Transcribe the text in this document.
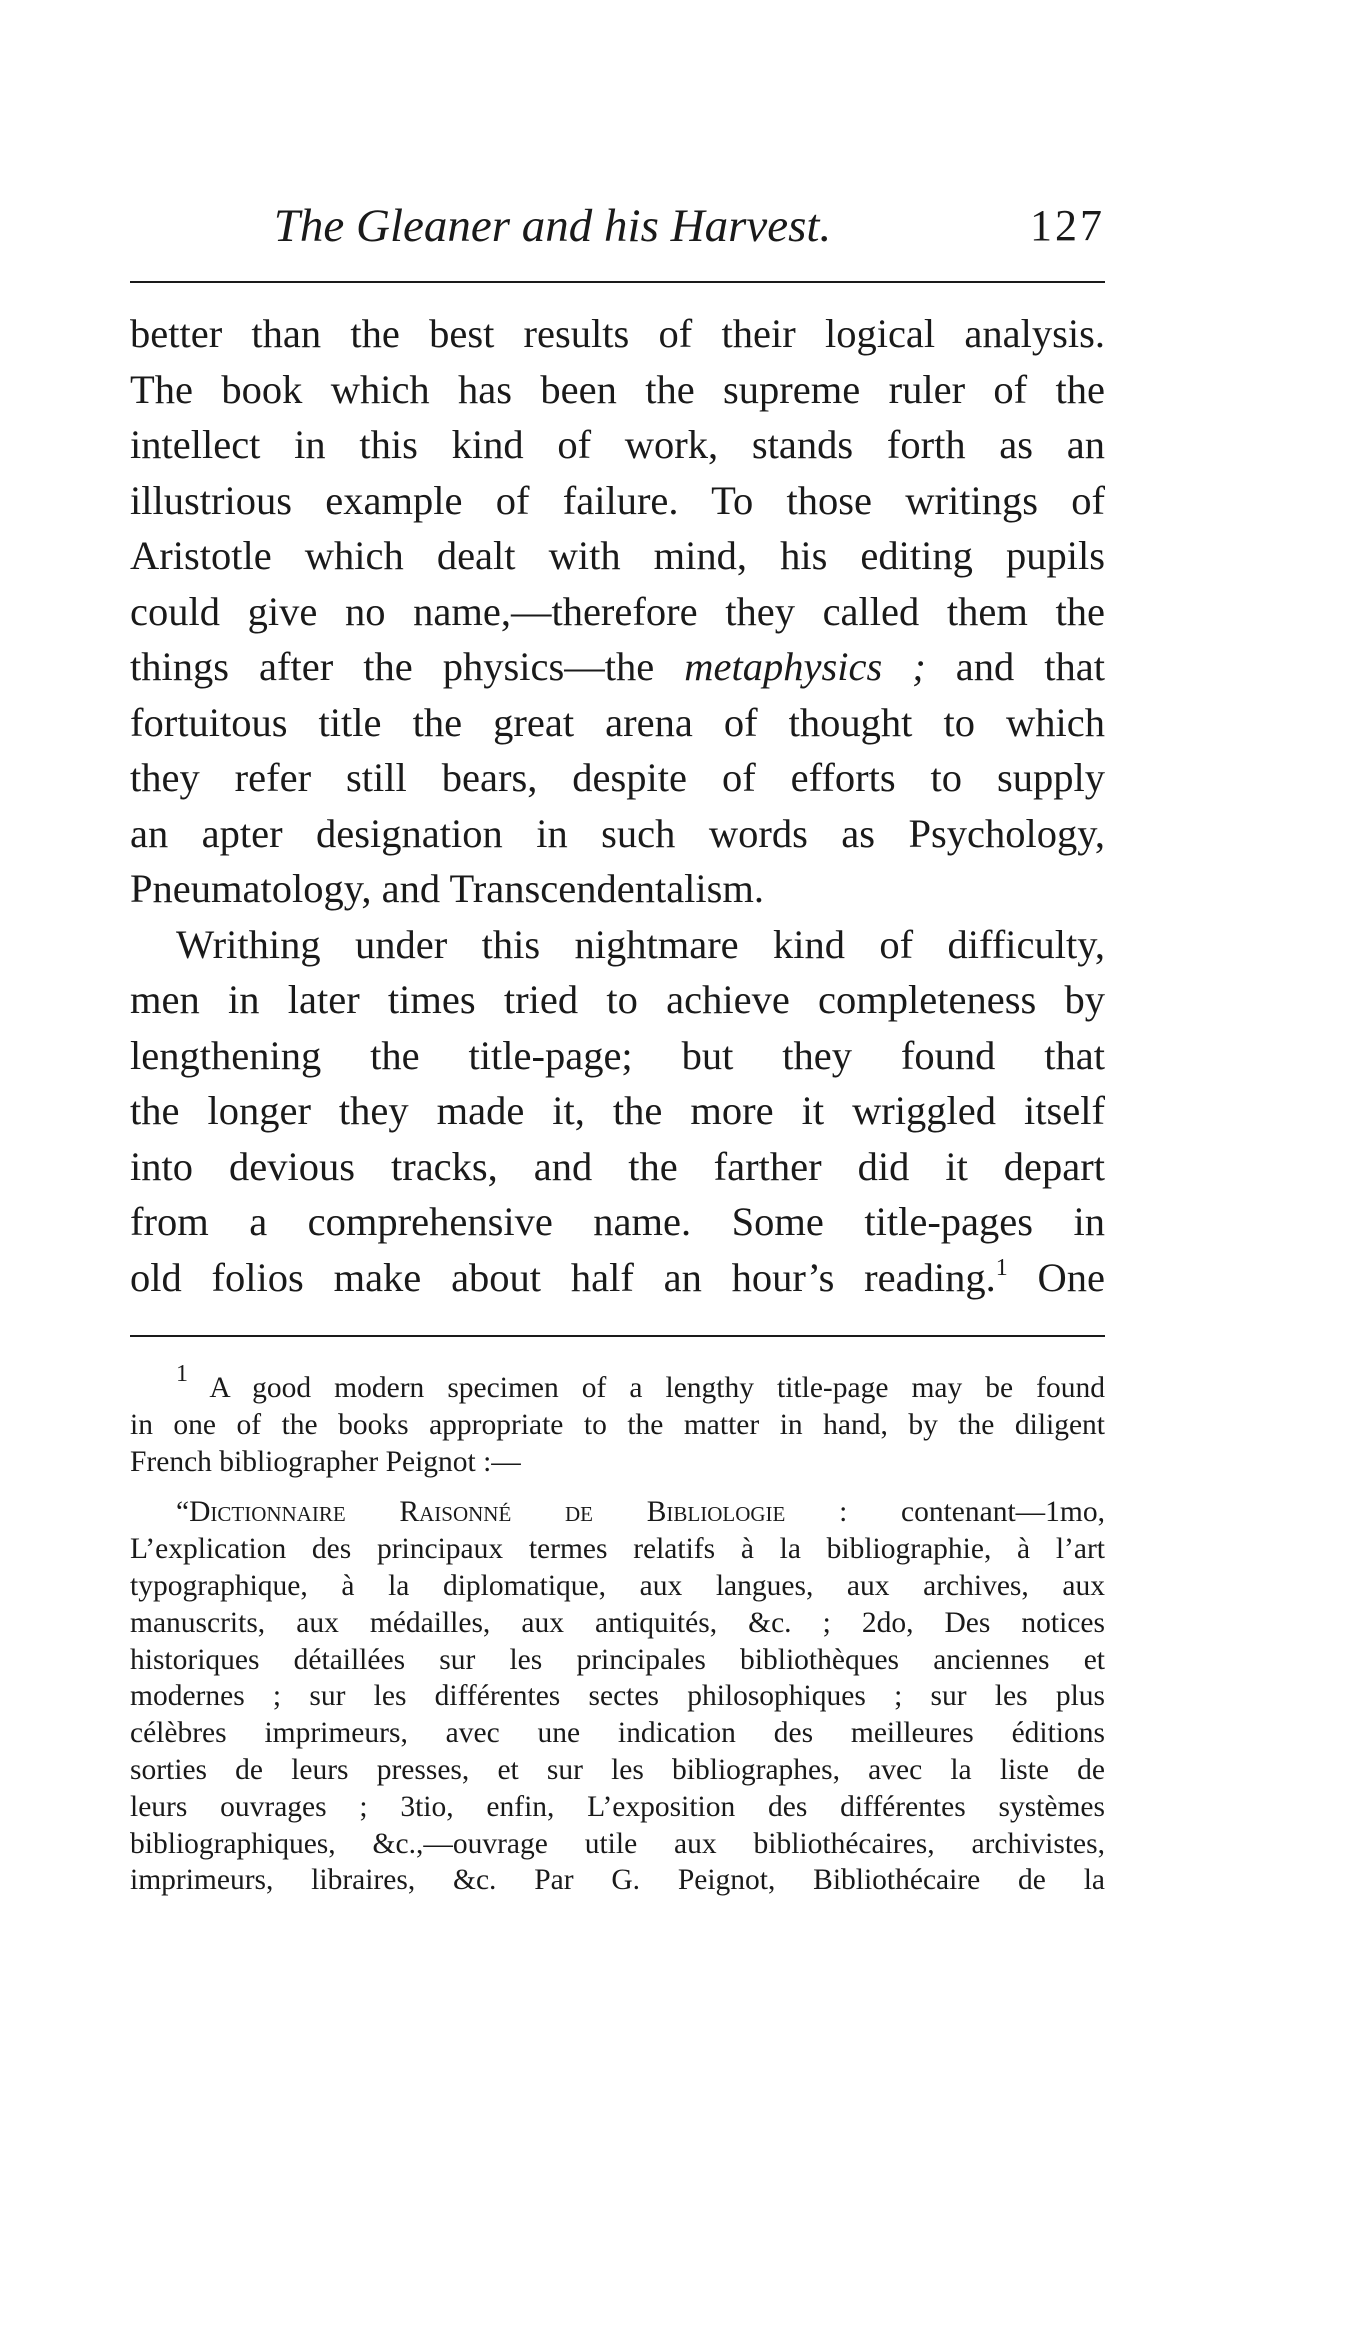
The Gleaner and his Harvest.	127
better than the best results of their logical analysis.
The book which has been the supreme ruler of the
intellect in this kind of work, stands forth as an
illustrious example of failure. To those writings of
Aristotle which dealt with mind, his editing pupils
could give no name,—therefore they called them the
things after the physics—the metaphysics ; and that
fortuitous title the great arena of thought to which
they refer still bears, despite of efforts to supply
an apter designation in such words as Psychology,
Pneumatology, and Transcendentalism.
Writhing under this nightmare kind of difficulty,
men in later times tried to achieve completeness by
lengthening the title-page; but they found that
the longer they made it, the more it wriggled itself
into devious tracks, and the farther did it depart
from a comprehensive name. Some title-pages in
old folios make about half an hour’s reading.$^1$ One
$^1$ A good modern specimen of a lengthy title-page may be found
in one of the books appropriate to the matter in hand, by the diligent
French bibliographer Peignot :—
“Dictionnaire Raisonné de Bibliologie : contenant—1mo,
L’explication des principaux termes relatifs à la bibliographie, à l’art
typographique, à la diplomatique, aux langues, aux archives, aux
manuscrits, aux médailles, aux antiquités, &c. ; 2do, Des notices
historiques détaillées sur les principales bibliothèques anciennes et
modernes ; sur les différentes sectes philosophiques ; sur les plus
célèbres imprimeurs, avec une indication des meilleures éditions
sorties de leurs presses, et sur les bibliographes, avec la liste de
leurs ouvrages ; 3tio, enfin, L’exposition des différentes systèmes
bibliographiques, &c.,—ouvrage utile aux bibliothécaires, archivistes,
imprimeurs, libraires, &c. Par G. Peignot, Bibliothécaire de la
